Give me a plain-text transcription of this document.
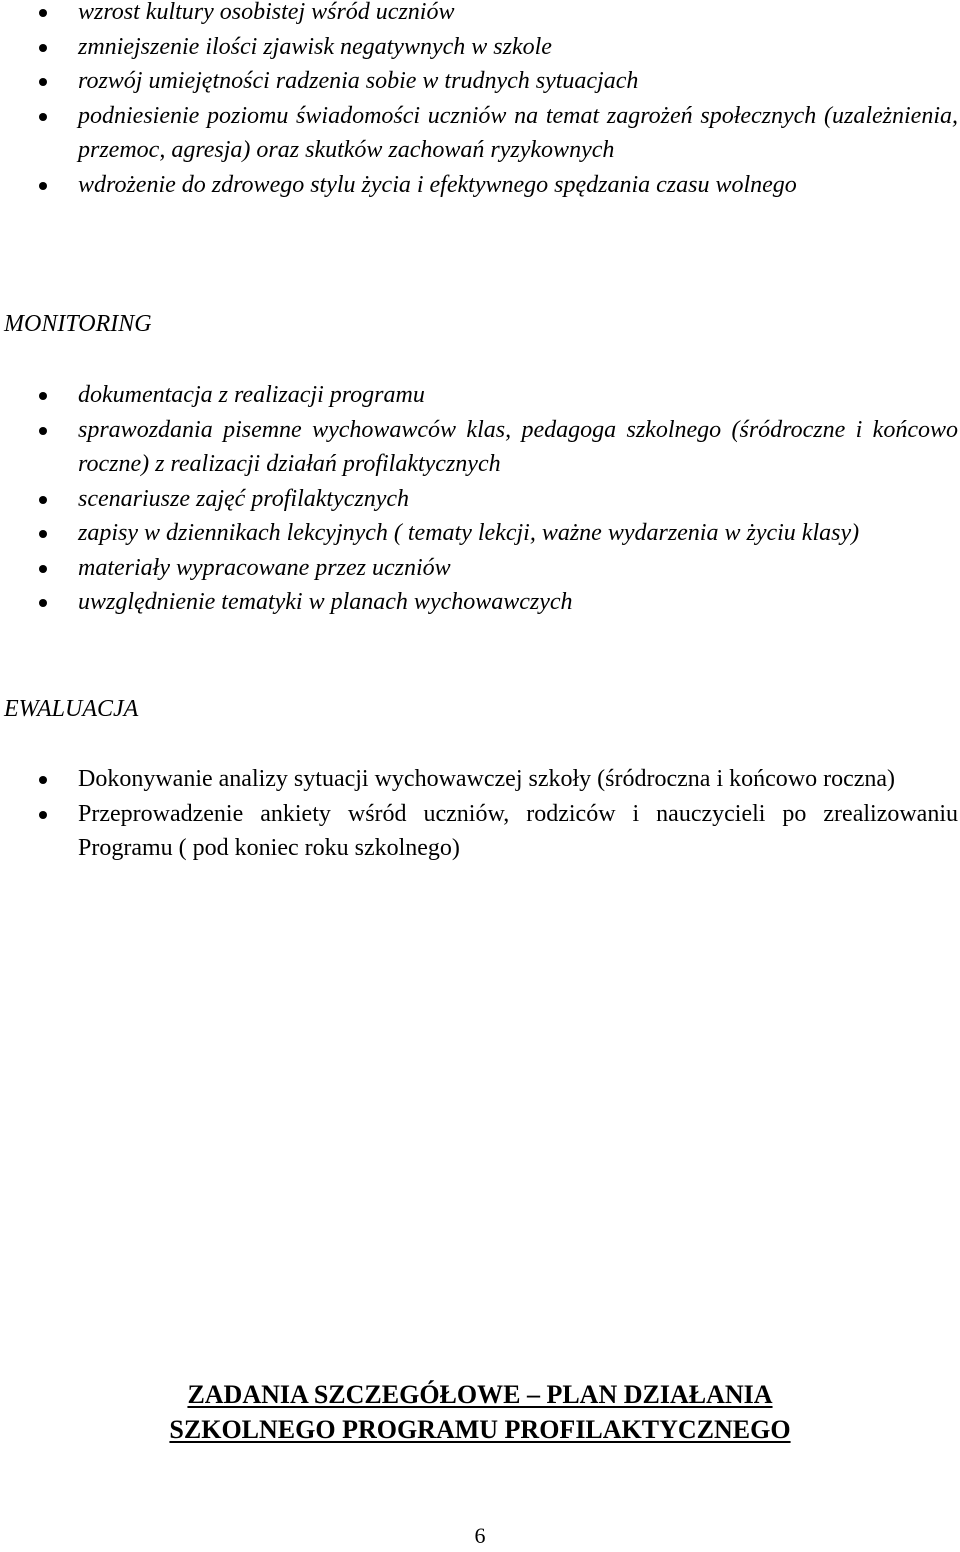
wzrost kultury osobistej wśród uczniów
zmniejszenie ilości zjawisk negatywnych w szkole
rozwój umiejętności radzenia sobie w trudnych sytuacjach
podniesienie poziomu świadomości uczniów na temat zagrożeń społecznych (uzależnienia, przemoc, agresja) oraz skutków zachowań ryzykownych
wdrożenie do zdrowego stylu życia i efektywnego spędzania czasu wolnego
MONITORING
dokumentacja z realizacji programu
sprawozdania pisemne wychowawców klas, pedagoga szkolnego (śródroczne i końcowo roczne) z realizacji działań profilaktycznych
scenariusze zajęć profilaktycznych
zapisy w dziennikach lekcyjnych ( tematy lekcji, ważne wydarzenia w życiu klasy)
materiały wypracowane przez uczniów
uwzględnienie tematyki w planach wychowawczych
EWALUACJA
Dokonywanie analizy sytuacji wychowawczej szkoły (śródroczna i końcowo roczna)
Przeprowadzenie ankiety wśród uczniów, rodziców i nauczycieli po zrealizowaniu Programu ( pod koniec roku szkolnego)
ZADANIA SZCZEGÓŁOWE – PLAN DZIAŁANIA
SZKOLNEGO PROGRAMU PROFILAKTYCZNEGO
6
